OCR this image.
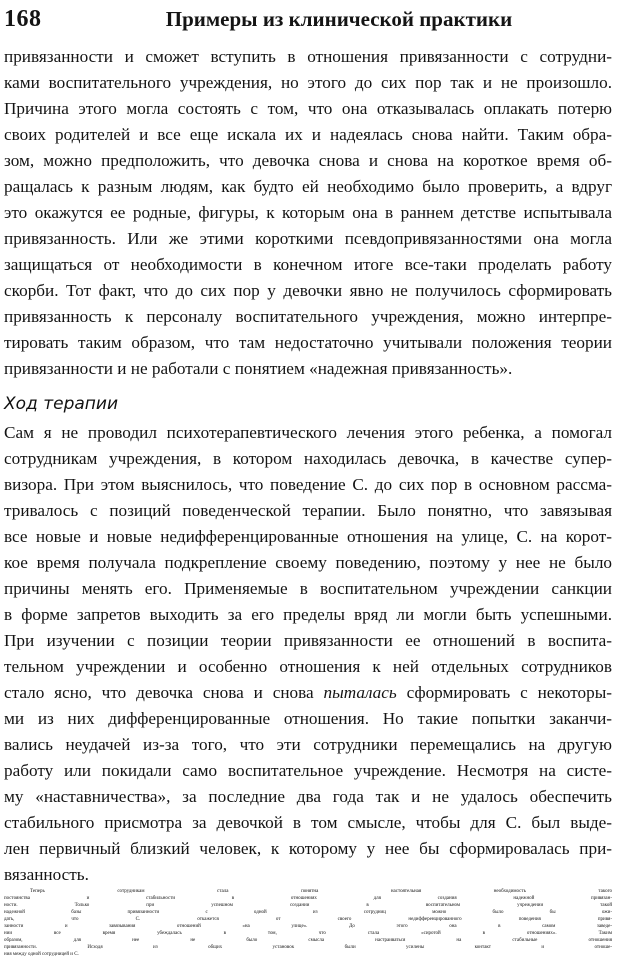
168	Примеры из клинической практики
привязанности и сможет вступить в отношения привязанности с сотрудни-
ками воспитательного учреждения, но этого до сих пор так и не произошло.
Причина этого могла состоять с том, что она отказывалась оплакать потерю
своих родителей и все еще искала их и надеялась снова найти. Таким обра-
зом, можно предположить, что девочка снова и снова на короткое время об-
ращалась к разным людям, как будто ей необходимо было проверить, а вдруг
это окажутся ее родные, фигуры, к которым она в раннем детстве испытывала
привязанность. Или же этими короткими псевдопривязанностями она могла
защищаться от необходимости в конечном итоге все-таки проделать работу
скорби. Тот факт, что до сих пор у девочки явно не получилось сформировать
привязанность к персоналу воспитательного учреждения, можно интерпре-
тировать таким образом, что там недостаточно учитывали положения теории
привязанности и не работали с понятием «надежная привязанность».
Ход терапии
Сам я не проводил психотерапевтического лечения этого ребенка, а помогал
сотрудникам учреждения, в котором находилась девочка, в качестве супер-
визора. При этом выяснилось, что поведение С. до сих пор в основном рассма-
тривалось с позиций поведенческой терапии. Было понятно, что завязывая
все новые и новые недифференцированные отношения на улице, С. на корот-
кое время получала подкрепление своему поведению, поэтому у нее не было
причины менять его. Применяемые в воспитательном учреждении санкции
в форме запретов выходить за его пределы вряд ли могли быть успешными.
При изучении с позиции теории привязанности ее отношений в воспита-
тельном учреждении и особенно отношения к ней отдельных сотрудников
стало ясно, что девочка снова и снова пыталась сформировать с некоторы-
ми из них дифференцированные отношения. Но такие попытки заканчи-
вались неудачей из-за того, что эти сотрудники перемещались на другую
работу или покидали само воспитательное учреждение. Несмотря на систе-
му «наставничества», за последние два года так и не удалось обеспечить
стабильного присмотра за девочкой в том смысле, чтобы для С. был выде-
лен первичный близкий человек, к которому у нее бы сформировалась при-
вязанность.
Теперь сотрудникам стала понятна настоятельная необходимость такого
постоянства и стабильности в отношениях для создания надежной привязан-
ности. Только при успешном создании в воспитательном учреждении такой
надежной базы привязанности с одной из сотрудниц можно было бы ожи-
дать, что С. откажется от своего недифференцированного поведения привя-
занности и завязывания отношений «на улице». До этого она в самом заведе-
нии все время убеждалась в том, что стала «сиротой в отношениях». Таким
образом, для нее не было смысла настраиваться на стабильные отношения
привязанности. Исходя из общих установок были усилены контакт и отноше-
ния между одной сотрудницей и С.
